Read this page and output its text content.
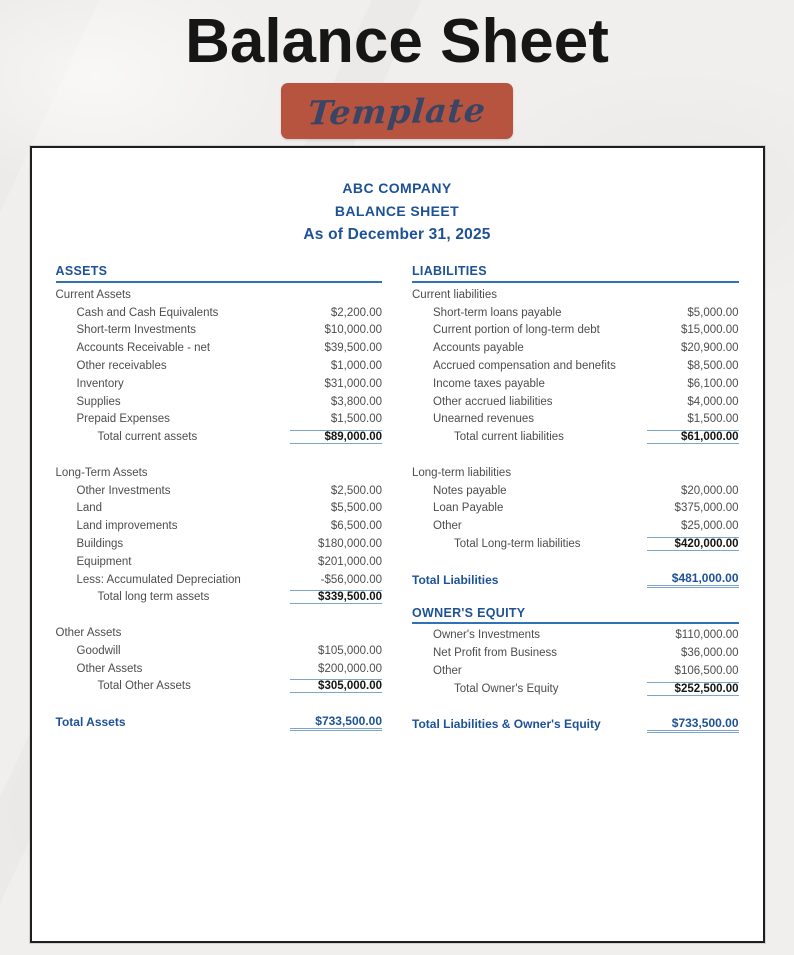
Balance Sheet
Template
ABC COMPANY
BALANCE SHEET
As of December 31, 2025
ASSETS
Current Assets
Cash and Cash Equivalents	$2,200.00
Short-term Investments	$10,000.00
Accounts Receivable - net	$39,500.00
Other receivables	$1,000.00
Inventory	$31,000.00
Supplies	$3,800.00
Prepaid Expenses	$1,500.00
Total current assets	$89,000.00
Long-Term Assets
Other Investments	$2,500.00
Land	$5,500.00
Land improvements	$6,500.00
Buildings	$180,000.00
Equipment	$201,000.00
Less: Accumulated Depreciation	-$56,000.00
Total long term assets	$339,500.00
Other Assets
Goodwill	$105,000.00
Other Assets	$200,000.00
Total Other Assets	$305,000.00
Total Assets	$733,500.00
LIABILITIES
Current liabilities
Short-term loans payable	$5,000.00
Current portion of long-term debt	$15,000.00
Accounts payable	$20,900.00
Accrued compensation and benefits	$8,500.00
Income taxes payable	$6,100.00
Other accrued liabilities	$4,000.00
Unearned revenues	$1,500.00
Total current liabilities	$61,000.00
Long-term liabilities
Notes payable	$20,000.00
Loan Payable	$375,000.00
Other	$25,000.00
Total Long-term liabilities	$420,000.00
Total Liabilities	$481,000.00
OWNER'S EQUITY
Owner's Investments	$110,000.00
Net Profit from Business	$36,000.00
Other	$106,500.00
Total Owner's Equity	$252,500.00
Total Liabilities & Owner's Equity	$733,500.00
